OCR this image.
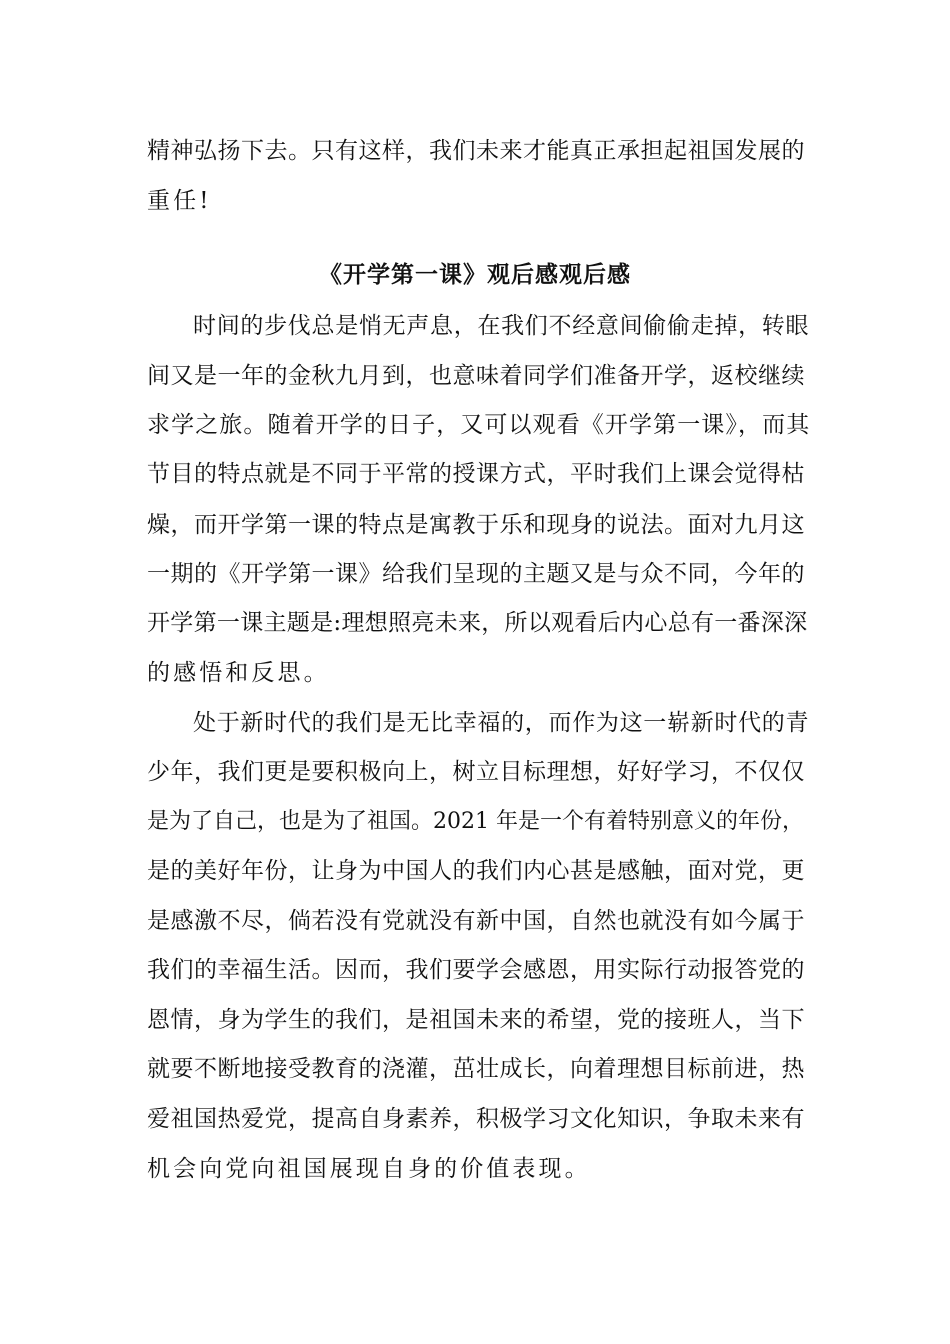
精神弘扬下去。只有这样，我们未来才能真正承担起祖国发展的
重任!
《开学第一课》观后感观后感
时间的步伐总是悄无声息，在我们不经意间偷偷走掉，转眼
间又是一年的金秋九月到，也意味着同学们准备开学，返校继续
求学之旅。随着开学的日子，又可以观看《开学第一课》，而其
节目的特点就是不同于平常的授课方式，平时我们上课会觉得枯
燥，而开学第一课的特点是寓教于乐和现身的说法。面对九月这
一期的《开学第一课》给我们呈现的主题又是与众不同，今年的
开学第一课主题是:理想照亮未来，所以观看后内心总有一番深深
的感悟和反思。
处于新时代的我们是无比幸福的，而作为这一崭新时代的青
少年，我们更是要积极向上，树立目标理想，好好学习，不仅仅
是为了自己，也是为了祖国。2021 年是一个有着特别意义的年份，
是的美好年份，让身为中国人的我们内心甚是感触，面对党，更
是感激不尽，倘若没有党就没有新中国，自然也就没有如今属于
我们的幸福生活。因而，我们要学会感恩，用实际行动报答党的
恩情，身为学生的我们，是祖国未来的希望，党的接班人，当下
就要不断地接受教育的浇灌，茁壮成长，向着理想目标前进，热
爱祖国热爱党，提高自身素养，积极学习文化知识，争取未来有
机会向党向祖国展现自身的价值表现。
